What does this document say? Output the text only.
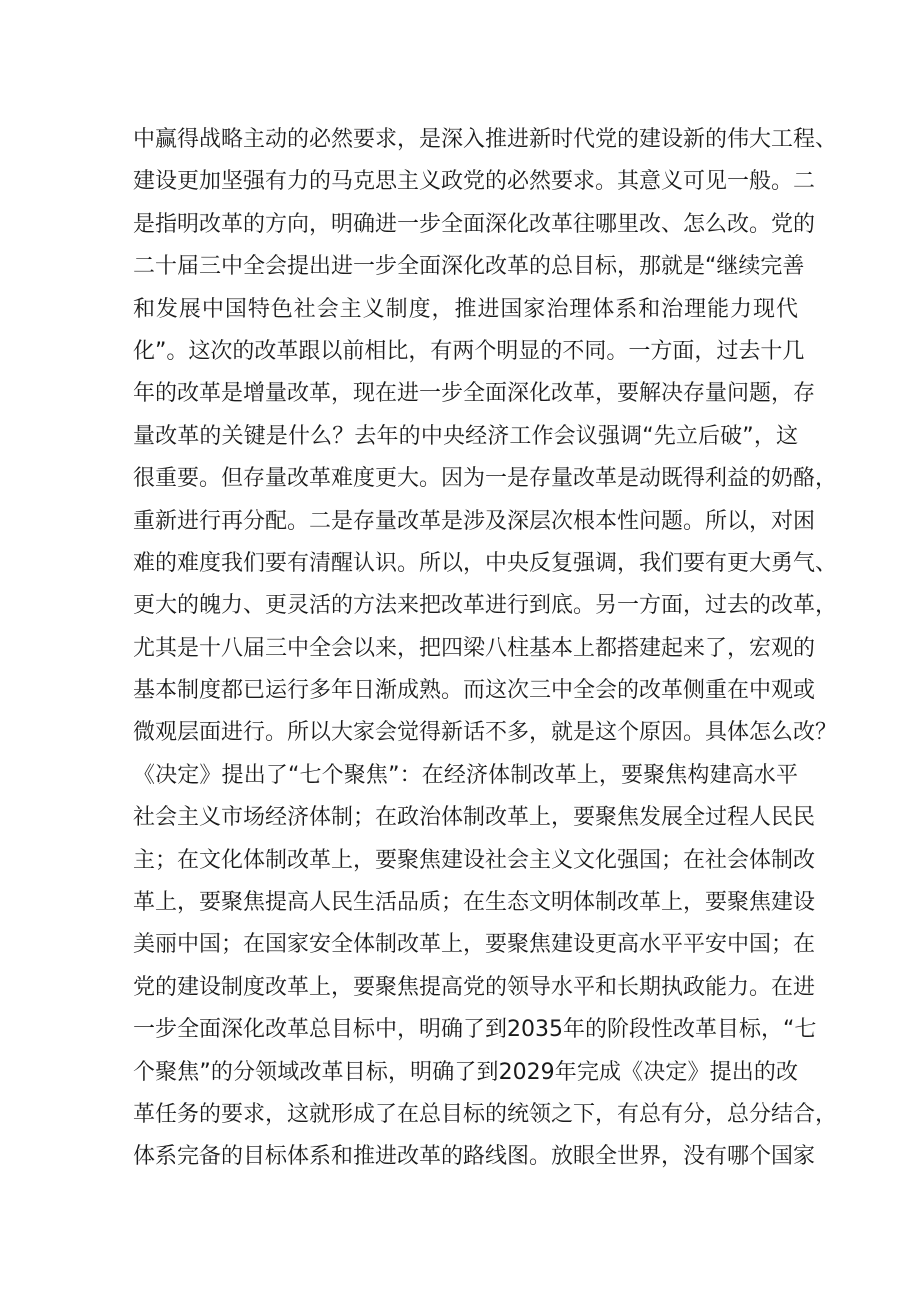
中赢得战略主动的必然要求，是深入推进新时代党的建设新的伟大工程、
建设更加坚强有力的马克思主义政党的必然要求。其意义可见一般。二
是指明改革的方向，明确进一步全面深化改革往哪里改、怎么改。党的
二十届三中全会提出进一步全面深化改革的总目标，那就是“继续完善
和发展中国特色社会主义制度，推进国家治理体系和治理能力现代
化”。这次的改革跟以前相比，有两个明显的不同。一方面，过去十几
年的改革是增量改革，现在进一步全面深化改革，要解决存量问题，存
量改革的关键是什么？去年的中央经济工作会议强调“先立后破”，这
很重要。但存量改革难度更大。因为一是存量改革是动既得利益的奶酪，
重新进行再分配。二是存量改革是涉及深层次根本性问题。所以，对困
难的难度我们要有清醒认识。所以，中央反复强调，我们要有更大勇气、
更大的魄力、更灵活的方法来把改革进行到底。另一方面，过去的改革，
尤其是十八届三中全会以来，把四梁八柱基本上都搭建起来了，宏观的
基本制度都已运行多年日渐成熟。而这次三中全会的改革侧重在中观或
微观层面进行。所以大家会觉得新话不多，就是这个原因。具体怎么改？
《决定》提出了“七个聚焦”：在经济体制改革上，要聚焦构建高水平
社会主义市场经济体制；在政治体制改革上，要聚焦发展全过程人民民
主；在文化体制改革上，要聚焦建设社会主义文化强国；在社会体制改
革上，要聚焦提高人民生活品质；在生态文明体制改革上，要聚焦建设
美丽中国；在国家安全体制改革上，要聚焦建设更高水平平安中国；在
党的建设制度改革上，要聚焦提高党的领导水平和长期执政能力。在进
一步全面深化改革总目标中，明确了到2035年的阶段性改革目标，“七
个聚焦”的分领域改革目标，明确了到2029年完成《决定》提出的改
革任务的要求，这就形成了在总目标的统领之下，有总有分，总分结合，
体系完备的目标体系和推进改革的路线图。放眼全世界，没有哪个国家
